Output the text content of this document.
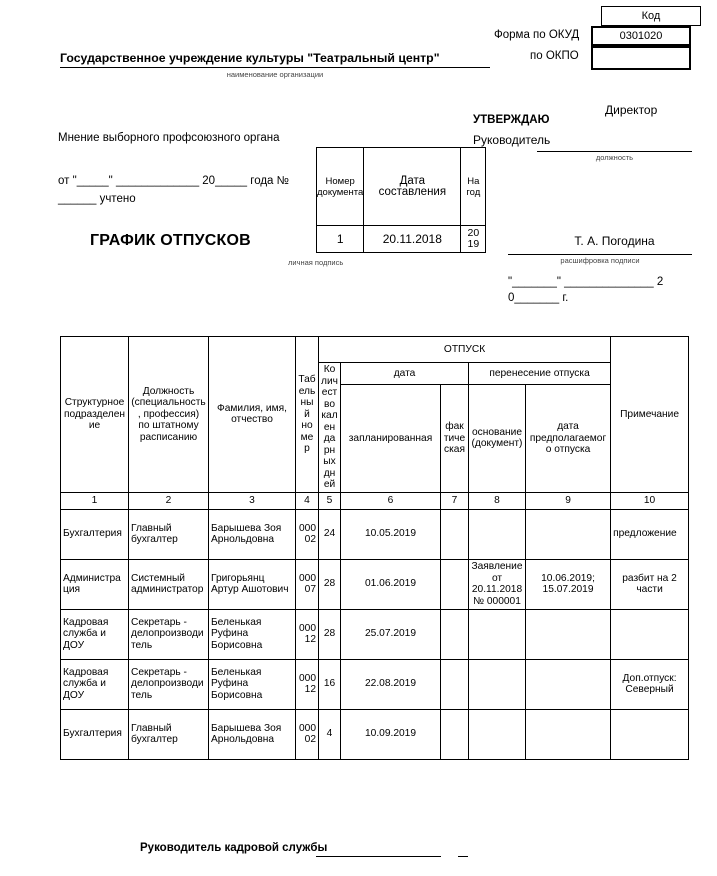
Код
0301020
Форма по ОКУД
по ОКПО
Государственное учреждение культуры "Театральный центр"
наименование организации
Мнение выборного профсоюзного органа
от "_____" _____________ 20_____ года №
______ учтено
УТВЕРЖДАЮ
Директор
Руководитель
должность
ГРАФИК ОТПУСКОВ
личная подпись
Т. А. Погодина
расшифровка подписи
"_______" ______________ 2
0_______ г.
Номер документа	Дата составления	На год
1	20.11.2018	20 19
Структурное подразделение	Должность (специальность, профессия) по штатному расписанию	Фамилия, имя, отчество	Табельный номер	ОТПУСК					Примечание
				Количество календарных дней	дата		перенесение отпуска		
					запланированная	фактическая	основание (документ)	дата предполагаемого отпуска	
1	2	3	4	5	6	7	8	9	10
Бухгалтерия	Главный бухгалтер	Барышева Зоя Арнольдовна	00002	24	10.05.2019				предложение
Администрация	Системный администратор	Григорьянц Артур Ашотович	00007	28	01.06.2019		Заявление от 20.11.2018 № 000001	10.06.2019; 15.07.2019	разбит на 2 части
Кадровая служба и ДОУ	Секретарь - делопроизводитель	Беленькая Руфина Борисовна	00012	28	25.07.2019				
Кадровая служба и ДОУ	Секретарь - делопроизводитель	Беленькая Руфина Борисовна	00012	16	22.08.2019				Доп.отпуск: Северный
Бухгалтерия	Главный бухгалтер	Барышева Зоя Арнольдовна	00002	4	10.09.2019				
Руководитель кадровой службы
